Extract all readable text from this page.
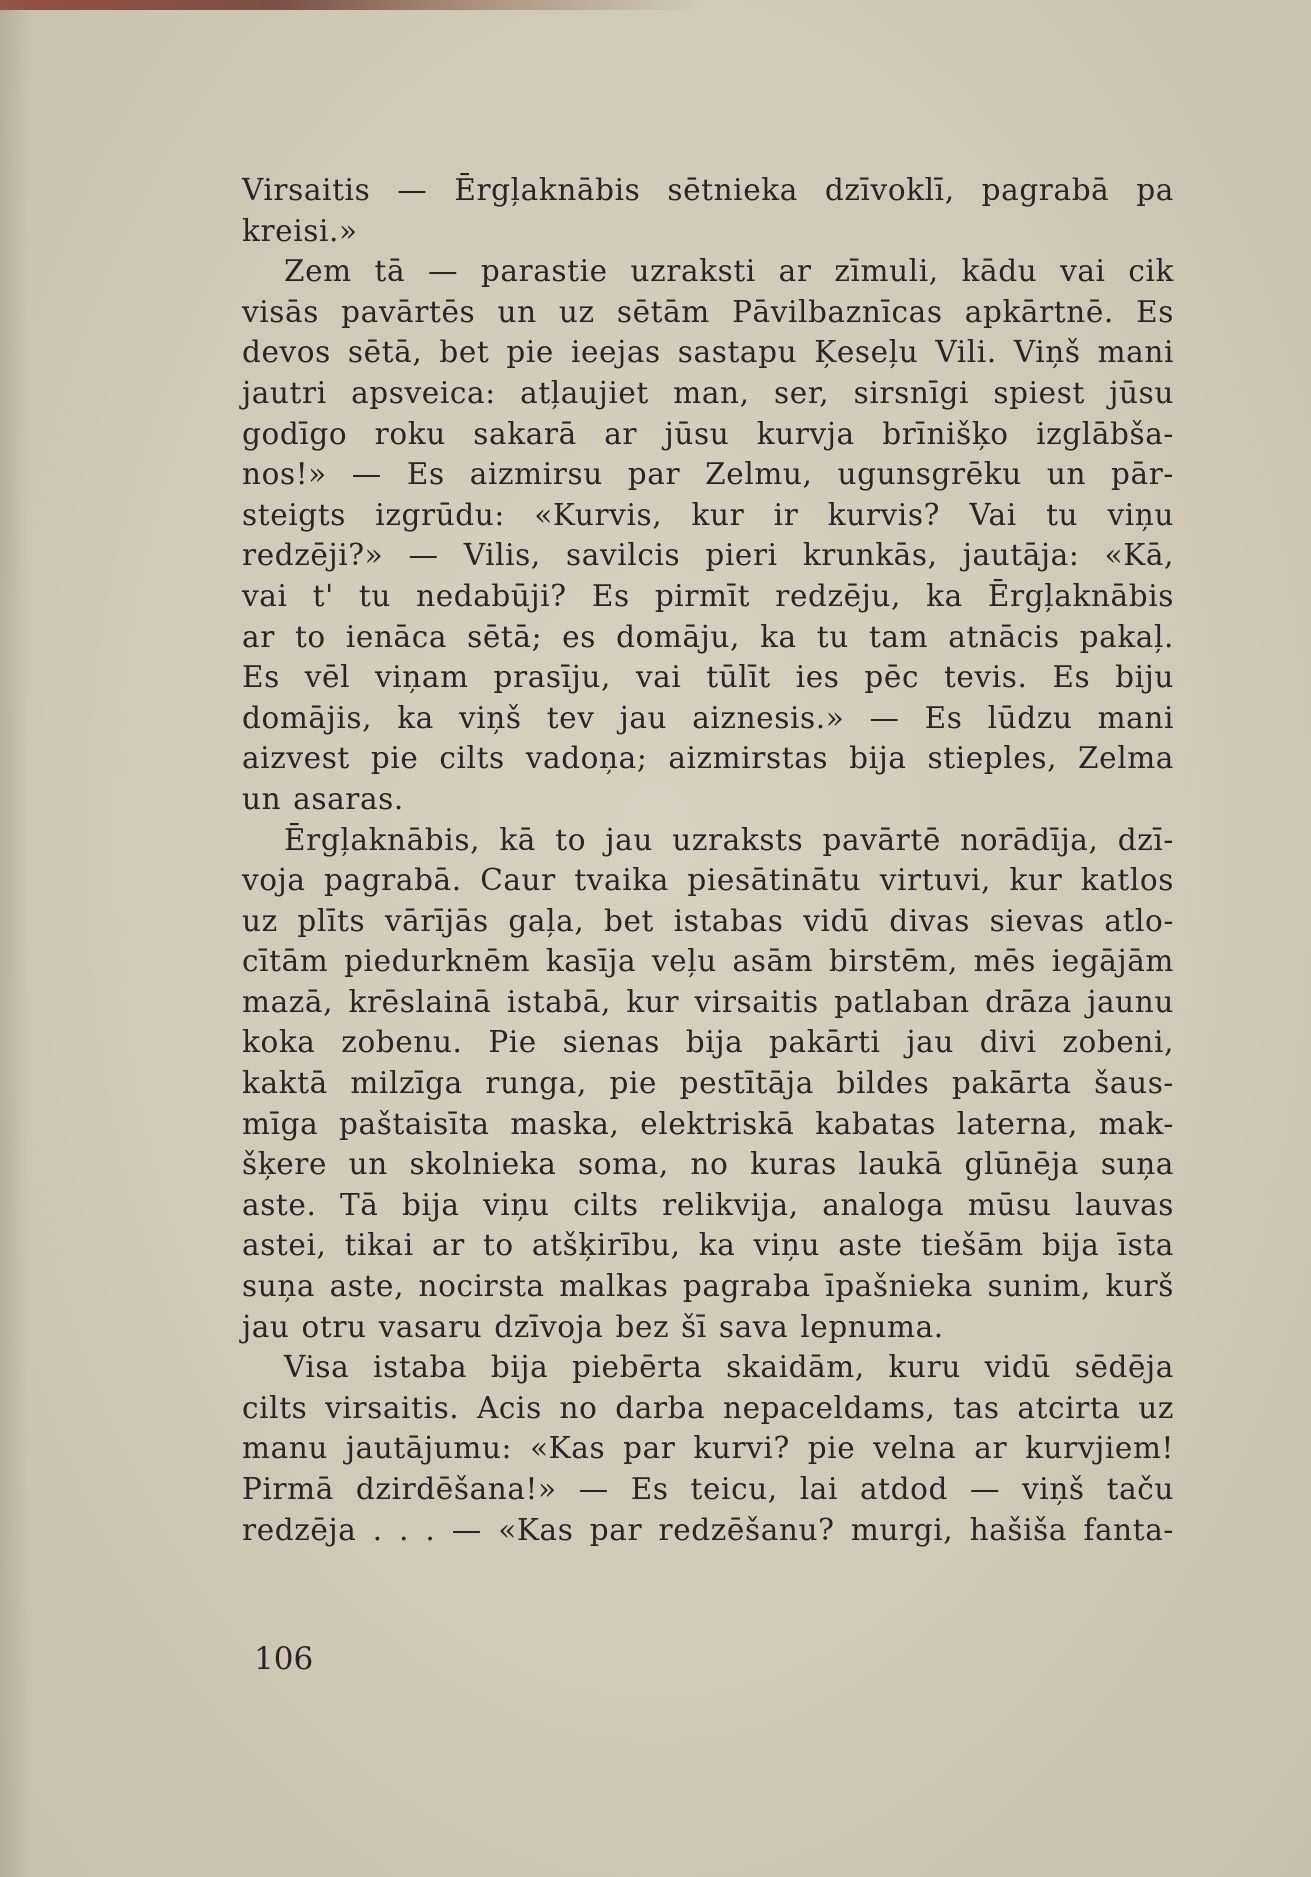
Virsaitis — Ērgļaknābis sētnieka dzīvoklī, pagrabā pa
kreisi.»
Zem tā — parastie uzraksti ar zīmuli, kādu vai cik
visās pavārtēs un uz sētām Pāvilbaznīcas apkārtnē. Es
devos sētā, bet pie ieejas sastapu Ķeseļu Vili. Viņš mani
jautri apsveica: atļaujiet man, ser, sirsnīgi spiest jūsu
godīgo roku sakarā ar jūsu kurvja brīnišķo izglābša-
nos!» — Es aizmirsu par Zelmu, ugunsgrēku un pār-
steigts izgrūdu: «Kurvis, kur ir kurvis? Vai tu viņu
redzēji?» — Vilis, savilcis pieri krunkās, jautāja: «Kā,
vai t' tu nedabūji? Es pirmīt redzēju, ka Ērgļaknābis
ar to ienāca sētā; es domāju, ka tu tam atnācis pakaļ.
Es vēl viņam prasīju, vai tūlīt ies pēc tevis. Es biju
domājis, ka viņš tev jau aiznesis.» — Es lūdzu mani
aizvest pie cilts vadoņa; aizmirstas bija stieples, Zelma
un asaras.
Ērgļaknābis, kā to jau uzraksts pavārtē norādīja, dzī-
voja pagrabā. Caur tvaika piesātinātu virtuvi, kur katlos
uz plīts vārījās gaļa, bet istabas vidū divas sievas atlo-
cītām piedurknēm kasīja veļu asām birstēm, mēs iegājām
mazā, krēslainā istabā, kur virsaitis patlaban drāza jaunu
koka zobenu. Pie sienas bija pakārti jau divi zobeni,
kaktā milzīga runga, pie pestītāja bildes pakārta šaus-
mīga paštaisīta maska, elektriskā kabatas laterna, mak-
šķere un skolnieka soma, no kuras laukā glūnēja suņa
aste. Tā bija viņu cilts relikvija, analoga mūsu lauvas
astei, tikai ar to atšķirību, ka viņu aste tiešām bija īsta
suņa aste, nocirsta malkas pagraba īpašnieka sunim, kurš
jau otru vasaru dzīvoja bez šī sava lepnuma.
Visa istaba bija piebērta skaidām, kuru vidū sēdēja
cilts virsaitis. Acis no darba nepaceldams, tas atcirta uz
manu jautājumu: «Kas par kurvi? pie velna ar kurvjiem!
Pirmā dzirdēšana!» — Es teicu, lai atdod — viņš taču
redzēja . . . — «Kas par redzēšanu? murgi, hašiša fanta-
106
